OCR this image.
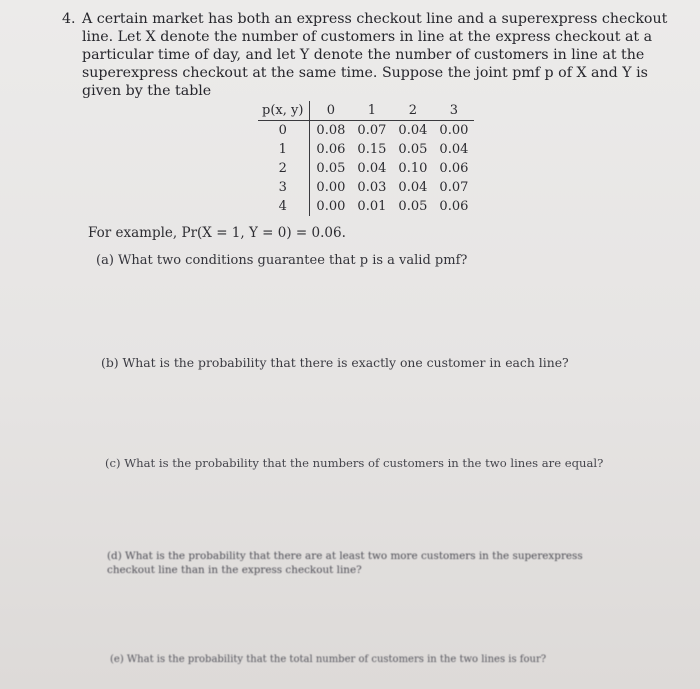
4. A certain market has both an express checkout line and a superexpress checkout line. Let X denote the number of customers in line at the express checkout at a particular time of day, and let Y denote the number of customers in line at the superexpress checkout at the same time. Suppose the joint pmf p of X and Y is given by the table

p(x, y)	0	1	2	3
0	0.08	0.07	0.04	0.00
1	0.06	0.15	0.05	0.04
2	0.05	0.04	0.10	0.06
3	0.00	0.03	0.04	0.07
4	0.00	0.01	0.05	0.06
For example, Pr(X = 1, Y = 0) = 0.06.
(a) What two conditions guarantee that p is a valid pmf?
(b) What is the probability that there is exactly one customer in each line?
(c) What is the probability that the numbers of customers in the two lines are equal?
(d) What is the probability that there are at least two more customers in the superexpress checkout line than in the express checkout line?
(e) What is the probability that the total number of customers in the two lines is four?
